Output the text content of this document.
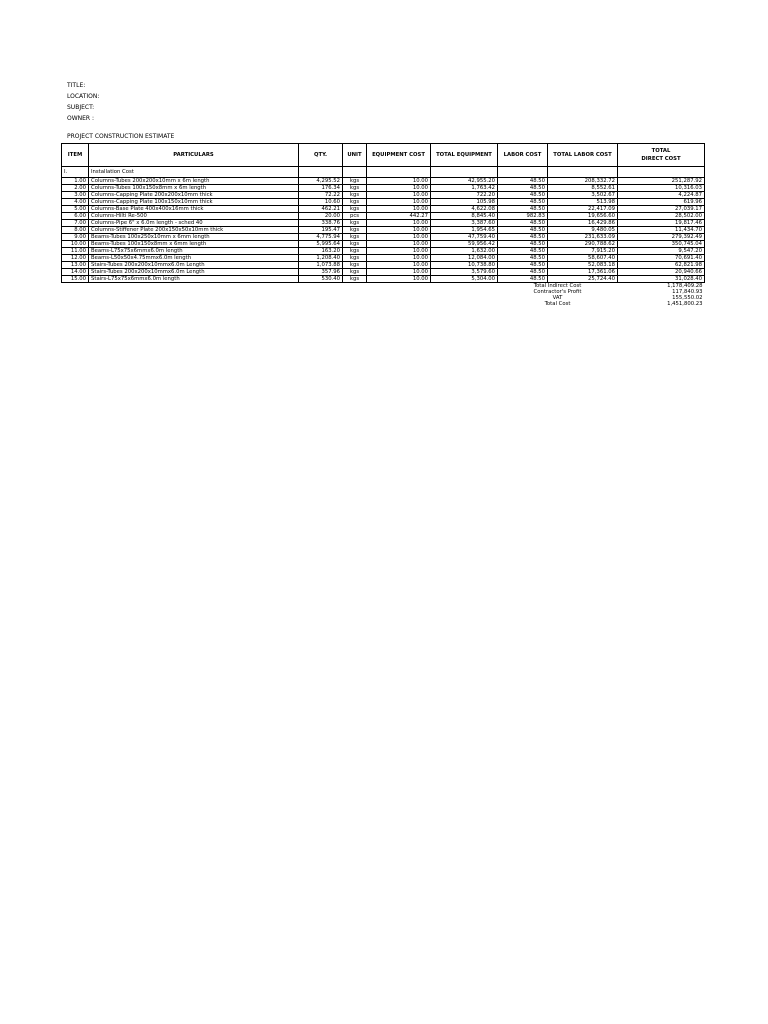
TITLE:
LOCATION:
SUBJECT:
OWNER :
PROJECT CONSTRUCTION ESTIMATE
ITEM	PARTICULARS	QTY.	UNIT	EQUIPMENT COST	TOTAL EQUIPMENT	LABOR COST	TOTAL LABOR COST	TOTAL
DIRECT COST
I.	Installation Cost							
1.00	Columns-Tubes 200x200x10mm x 6m length	4,295.52	kgs	10.00	42,955.20	48.50	208,332.72	251,287.92
2.00	Columns-Tubes 100x150x8mm x 6m length	176.34	kgs	10.00	1,763.42	48.50	8,552.61	10,316.03
3.00	Columns-Capping Plate 200x200x10mm thick	72.22	kgs	10.00	722.20	48.50	3,502.67	4,224.87
4.00	Columns-Capping Plate 100x150x10mm thick	10.60	kgs	10.00	105.98	48.50	513.98	619.96
5.00	Columns-Base Plate 400x400x16mm thick	462.21	kgs	10.00	4,622.08	48.50	22,417.09	27,039.17
6.00	Columns-Hilti Re-500	20.00	pcs	442.27	8,845.40	982.83	19,656.60	28,502.00
7.00	Columns-Pipe 6" x 6.0m length - sched 40	338.76	kgs	10.00	3,387.60	48.50	16,429.86	19,817.46
8.00	Columns-Stiffener Plate 200x150x50x10mm thick	195.47	kgs	10.00	1,954.65	48.50	9,480.05	11,434.70
9.00	Beams-Tubes 100x250x10mm x 6mm length	4,775.94	kgs	10.00	47,759.40	48.50	231,633.09	279,392.49
10.00	Beams-Tubes 100x150x8mm x 6mm length	5,995.64	kgs	10.00	59,956.42	48.50	290,788.62	350,745.04
11.00	Beams-L75x75x6mmx6.0m length	163.20	kgs	10.00	1,632.00	48.50	7,915.20	9,547.20
12.00	Beams-L50x50x4.75mmx6.0m length	1,208.40	kgs	10.00	12,084.00	48.50	58,607.40	70,691.40
13.00	Stairs-Tubes 200x200x10mmx6.0m Length	1,073.88	kgs	10.00	10,738.80	48.50	52,083.18	62,821.98
14.00	Stairs-Tubes 200x200x10mmx6.0m Length	357.96	kgs	10.00	3,579.60	48.50	17,361.06	20,940.66
15.00	Stairs-L75x75x6mmx6.0m length	530.40	kgs	10.00	5,304.00	48.50	25,724.40	31,028.40
						Total Indirect Cost		1,178,409.28
						Contractor's Profit		117,840.93
						VAT		155,550.02
						Total Cost		1,451,800.23
